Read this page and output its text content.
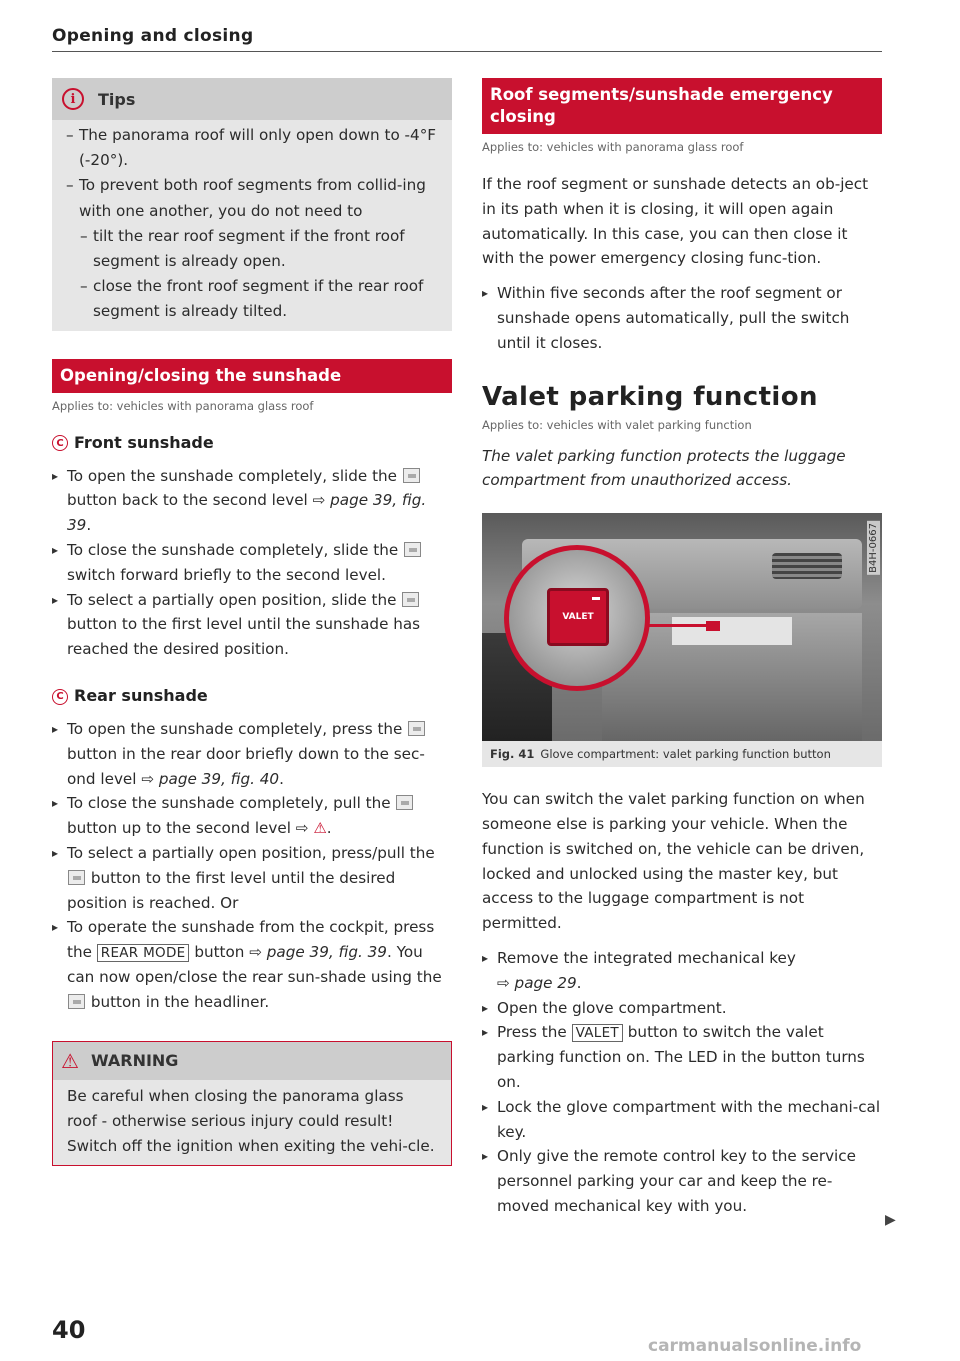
Opening and closing
i	Tips
– The panorama roof will only open down to -4°F (-20°).
– To prevent both roof segments from collid-ing with one another, you do not need to
– tilt the rear roof segment if the front roof segment is already open.
– close the front roof segment if the rear roof segment is already tilted.
Opening/closing the sunshade
Applies to: vehicles with panorama glass roof
C Front sunshade
▸ To open the sunshade completely, slide the  button back to the second level ⇨ page 39, fig. 39.
▸ To close the sunshade completely, slide the  switch forward briefly to the second level.
▸ To select a partially open position, slide the  button to the first level until the sunshade has reached the desired position.
C Rear sunshade
▸ To open the sunshade completely, press the  button in the rear door briefly down to the sec-ond level ⇨ page 39, fig. 40.
▸ To close the sunshade completely, pull the  button up to the second level ⇨ ⚠.
▸ To select a partially open position, press/pull the  button to the first level until the desired position is reached. Or
▸ To operate the sunshade from the cockpit, press the REAR MODE button ⇨ page 39, fig. 39. You can now open/close the rear sun-shade using the  button in the headliner.
⚠ WARNING
Be careful when closing the panorama glass roof - otherwise serious injury could result! Switch off the ignition when exiting the vehi-cle.
Roof segments/sunshade emergency closing
Applies to: vehicles with panorama glass roof
If the roof segment or sunshade detects an ob-ject in its path when it is closing, it will open again automatically. In this case, you can then close it with the power emergency closing func-tion.
▸ Within five seconds after the roof segment or sunshade opens automatically, pull the switch until it closes.
Valet parking function
Applies to: vehicles with valet parking function
The valet parking function protects the luggage compartment from unauthorized access.
VALET
B4H-0667
Fig. 41 Glove compartment: valet parking function button
You can switch the valet parking function on when someone else is parking your vehicle. When the function is switched on, the vehicle can be driven, locked and unlocked using the master key, but access to the luggage compartment is not permitted.
▸ Remove the integrated mechanical key
⇨ page 29.
▸ Open the glove compartment.
▸ Press the VALET button to switch the valet parking function on. The LED in the button turns on.
▸ Lock the glove compartment with the mechani-cal key.
▸ Only give the remote control key to the service personnel parking your car and keep the re-moved mechanical key with you.
▶
40
carmanualsonline.info
